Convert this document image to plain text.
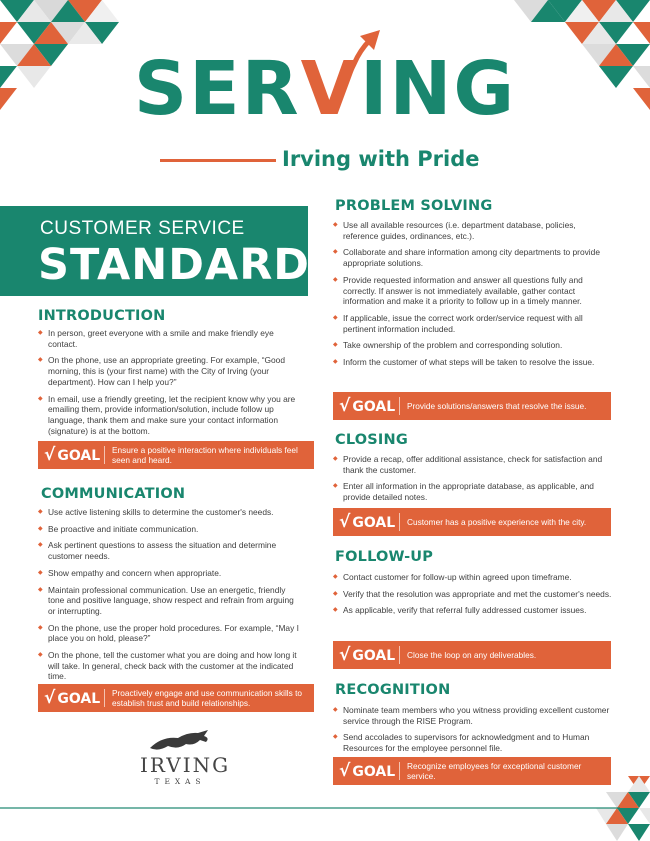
SERVING
Irving with Pride
CUSTOMER SERVICE
STANDARDS
INTRODUCTION
◆ In person, greet everyone with a smile and make friendly eye contact.
◆ On the phone, use an appropriate greeting. For example, “Good morning, this is (your first name) with the City of Irving (your department). How can I help you?”
◆ In email, use a friendly greeting, let the recipient know why you are emailing them, provide information/solution, include follow up language, thank them and make sure your contact information (signature) is at the bottom.
√ GOAL Ensure a positive interaction where individuals feel seen and heard.
COMMUNICATION
◆ Use active listening skills to determine the customer's needs.
◆ Be proactive and initiate communication.
◆ Ask pertinent questions to assess the situation and determine customer needs.
◆ Show empathy and concern when appropriate.
◆ Maintain professional communication. Use an energetic, friendly tone and positive language, show respect and refrain from arguing or interrupting.
◆ On the phone, use the proper hold procedures. For example, “May I place you on hold, please?”
◆ On the phone, tell the customer what you are doing and how long it will take. In general, check back with the customer at the indicated time.
√ GOAL Proactively engage and use communication skills to establish trust and build relationships.
IRVING
TEXAS
PROBLEM SOLVING
◆ Use all available resources (i.e. department database, policies, reference guides, ordinances, etc.).
◆ Collaborate and share information among city departments to provide appropriate solutions.
◆ Provide requested information and answer all questions fully and correctly. If answer is not immediately available, gather contact information and make it a priority to follow up in a timely manner.
◆ If applicable, issue the correct work order/service request with all pertinent information included.
◆ Take ownership of the problem and corresponding solution.
◆ Inform the customer of what steps will be taken to resolve the issue.
√ GOAL Provide solutions/answers that resolve the issue.
CLOSING
◆ Provide a recap, offer additional assistance, check for satisfaction and thank the customer.
◆ Enter all information in the appropriate database, as applicable, and provide detailed notes.
√ GOAL Customer has a positive experience with the city.
FOLLOW-UP
◆ Contact customer for follow-up within agreed upon timeframe.
◆ Verify that the resolution was appropriate and met the customer's needs.
◆ As applicable, verify that referral fully addressed customer issues.
√ GOAL Close the loop on any deliverables.
RECOGNITION
◆ Nominate team members who you witness providing excellent customer service through the RISE Program.
◆ Send accolades to supervisors for acknowledgment and to Human Resources for the employee personnel file.
√ GOAL Recognize employees for exceptional customer service.
